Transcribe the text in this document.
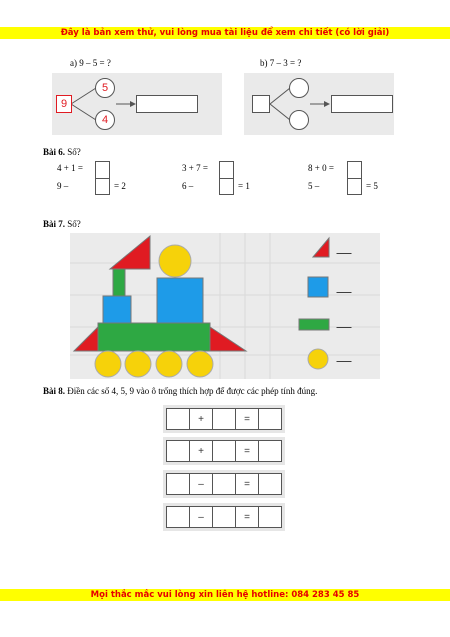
Đây là bản xem thử, vui lòng mua tài liệu để xem chi tiết (có lời giải)
a) 9 – 5 = ?	b) 7 – 3 = ?
9
5
4
Bài 6. Số?
4 + 1 =	3 + 7 =	8 + 0 =
9 –	= 2	6 –	= 1	5 –	= 5
Bài 7. Số?
...............
...............
...............
...............
Bài 8. Điền các số 4, 5, 9 vào ô trống thích hợp để được các phép tính đúng.
+	=
+	=
–	=
–	=
Mọi thắc mắc vui lòng xin liên hệ hotline: 084 283 45 85
